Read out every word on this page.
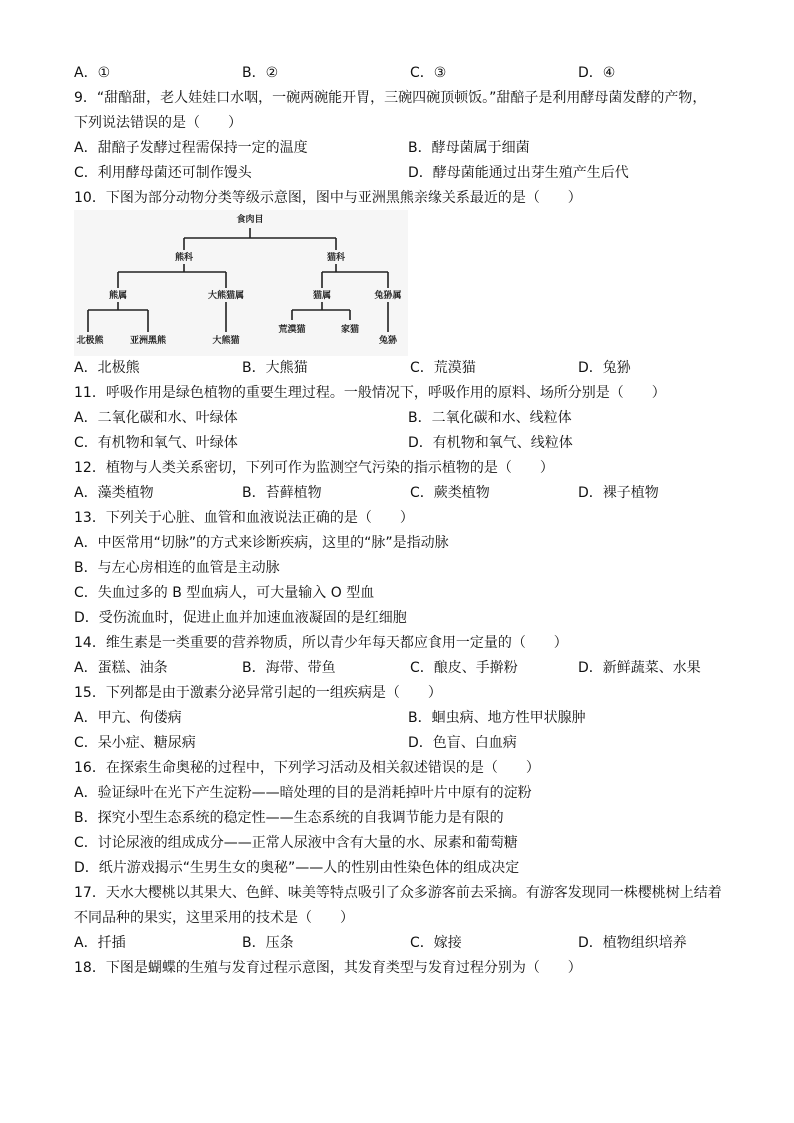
A．①	B．②	C．③	D．④
9．“甜醅甜，老人娃娃口水咽，一碗两碗能开胃，三碗四碗顶顿饭。”甜醅子是利用酵母菌发酵的产物，
下列说法错误的是（　　）
A．甜醅子发酵过程需保持一定的温度	B．酵母菌属于细菌
C．利用酵母菌还可制作馒头	D．酵母菌能通过出芽生殖产生后代
10．下图为部分动物分类等级示意图，图中与亚洲黑熊亲缘关系最近的是（　　）
食肉目
熊科	猫科
熊属	大熊猫属	猫属	兔狲属
北极熊	亚洲黑熊	大熊猫
荒漠猫	家猫
兔狲
A．北极熊	B．大熊猫	C．荒漠猫	D．兔狲
11．呼吸作用是绿色植物的重要生理过程。一般情况下，呼吸作用的原料、场所分别是（　　）
A．二氧化碳和水、叶绿体	B．二氧化碳和水、线粒体
C．有机物和氧气、叶绿体	D．有机物和氧气、线粒体
12．植物与人类关系密切，下列可作为监测空气污染的指示植物的是（　　）
A．藻类植物	B．苔藓植物	C．蕨类植物	D．裸子植物
13．下列关于心脏、血管和血液说法正确的是（　　）
A．中医常用“切脉”的方式来诊断疾病，这里的“脉”是指动脉
B．与左心房相连的血管是主动脉
C．失血过多的 B 型血病人，可大量输入 O 型血
D．受伤流血时，促进止血并加速血液凝固的是红细胞
14．维生素是一类重要的营养物质，所以青少年每天都应食用一定量的（　　）
A．蛋糕、油条	B．海带、带鱼	C．酿皮、手擀粉	D．新鲜蔬菜、水果
15．下列都是由于激素分泌异常引起的一组疾病是（　　）
A．甲亢、佝偻病	B．蛔虫病、地方性甲状腺肿
C．呆小症、糖尿病	D．色盲、白血病
16．在探索生命奥秘的过程中，下列学习活动及相关叙述错误的是（　　）
A．验证绿叶在光下产生淀粉——暗处理的目的是消耗掉叶片中原有的淀粉
B．探究小型生态系统的稳定性——生态系统的自我调节能力是有限的
C．讨论尿液的组成成分——正常人尿液中含有大量的水、尿素和葡萄糖
D．纸片游戏揭示“生男生女的奥秘”——人的性别由性染色体的组成决定
17．天水大樱桃以其果大、色鲜、味美等特点吸引了众多游客前去采摘。有游客发现同一株樱桃树上结着
不同品种的果实，这里采用的技术是（　　）
A．扦插	B．压条	C．嫁接	D．植物组织培养
18．下图是蝴蝶的生殖与发育过程示意图，其发育类型与发育过程分别为（　　）
